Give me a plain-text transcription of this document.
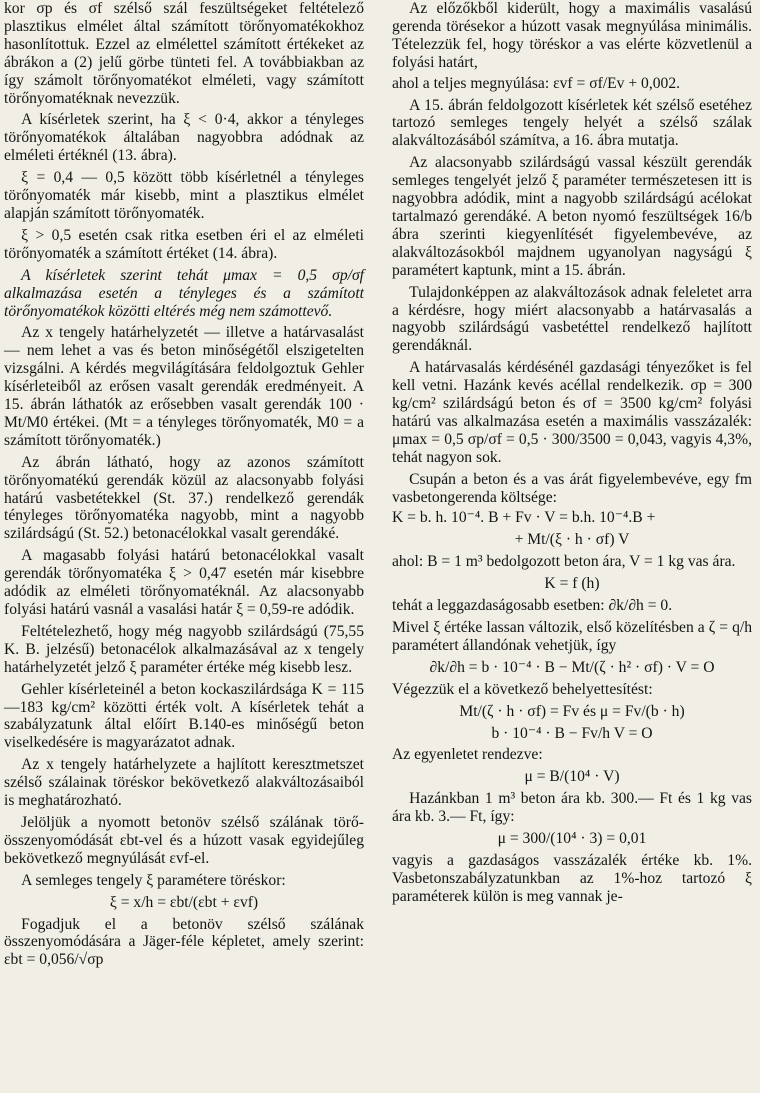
kor σp és σf szélső szál feszültségeket feltételező plasztikus elmélet által számított törőnyomatékokhoz hasonlítottuk. Ezzel az elmélettel számított értékeket az ábrákon a (2) jelű görbe tünteti fel. A továbbiakban az így számolt törőnyomatékot elméleti, vagy számított törőnyomatéknak nevezzük.

A kísérletek szerint, ha ξ < 0·4, akkor a tényleges törőnyomatékok általában nagyobbra adódnak az elméleti értéknél (13. ábra).

ξ = 0,4 — 0,5 között több kísérletnél a tényleges törőnyomaték már kisebb, mint a plasztikus elmélet alapján számított törőnyomaték.

ξ > 0,5 esetén csak ritka esetben éri el az elméleti törőnyomaték a számított értéket (14. ábra).

A kísérletek szerint tehát μmax = 0,5 σp/σf alkalmazása esetén a tényleges és a számított törőnyomatékok közötti eltérés még nem számottevő.

Az x tengely határhelyzetét — illetve a határvasalást — nem lehet a vas és beton minőségétől elszigetelten vizsgálni. A kérdés megvilágítására feldolgoztuk Gehler kísérleteiből az erősen vasalt gerendák eredményeit. A 15. ábrán láthatók az erősebben vasalt gerendák 100 · Mt/M0 értékei. (Mt = a tényleges törőnyomaték, M0 = a számított törőnyomaték.)

Az ábrán látható, hogy az azonos számított törőnyomatékú gerendák közül az alacsonyabb folyási határú vasbetétekkel (St. 37.) rendelkező gerendák tényleges törőnyomatéka nagyobb, mint a nagyobb szilárdságú (St. 52.) betonacélokkal vasalt gerendáké.

A magasabb folyási határú betonacélokkal vasalt gerendák törőnyomatéka ξ > 0,47 esetén már kisebbre adódik az elméleti törőnyomatéknál. Az alacsonyabb folyási határú vasnál a vasalási határ ξ = 0,59-re adódik.

Feltételezhető, hogy még nagyobb szilárdságú (75,55 K. B. jelzésű) betonacélok alkalmazásával az x tengely határhelyzetét jelző ξ paraméter értéke még kisebb lesz.

Gehler kísérleteinél a beton kockaszilárdsága K = 115—183 kg/cm² közötti érték volt. A kísérletek tehát a szabályzatunk által előírt B.140-es minőségű beton viselkedésére is magyarázatot adnak.

Az x tengely határhelyzete a hajlított keresztmetszet szélső szálainak töréskor bekövetkező alakváltozásaiból is meghatározható.

Jelöljük a nyomott betonöv szélső szálának törő-összenyomódását εbt-vel és a húzott vasak egyidejűleg bekövetkező megnyúlását εvf-el.

A semleges tengely ξ paramétere töréskor:

ξ = x/h = εbt/(εbt + εvf)

Fogadjuk el a betonöv szélső szálának összenyomódására a Jäger-féle képletet, amely szerint: εbt = 0,056/√σp

Az előzőkből kiderült, hogy a maximális vasalású gerenda törésekor a húzott vasak megnyúlása minimális. Tételezzük fel, hogy töréskor a vas elérte közvetlenül a folyási határt,

ahol a teljes megnyúlása: εvf = σf/Ev + 0,002.

A 15. ábrán feldolgozott kísérletek két szélső esetéhez tartozó semleges tengely helyét a szélső szálak alakváltozásából számítva, a 16. ábra mutatja.

Az alacsonyabb szilárdságú vassal készült gerendák semleges tengelyét jelző ξ paraméter természetesen itt is nagyobbra adódik, mint a nagyobb szilárdságú acélokat tartalmazó gerendáké. A beton nyomó feszültségek 16/b ábra szerinti kiegyenlítését figyelembevéve, az alakváltozásokból majdnem ugyanolyan nagyságú ξ paramétert kaptunk, mint a 15. ábrán.

Tulajdonképpen az alakváltozások adnak feleletet arra a kérdésre, hogy miért alacsonyabb a határvasalás a nagyobb szilárdságú vasbetéttel rendelkező hajlított gerendáknál.

A határvasalás kérdésénél gazdasági tényezőket is fel kell vetni. Hazánk kevés acéllal rendelkezik. σp = 300 kg/cm² szilárdságú beton és σf = 3500 kg/cm² folyási határú vas alkalmazása esetén a maximális vasszázalék: μmax = 0,5 σp/σf = 0,5 · 300/3500 = 0,043, vagyis 4,3%, tehát nagyon sok.

Csupán a beton és a vas árát figyelembevéve, egy fm vasbetongerenda költsége:

K = b. h. 10⁻⁴. B + Fv · V = b.h. 10⁻⁴.B +

+ Mt/(ξ · h · σf) V

ahol: B = 1 m³ bedolgozott beton ára, V = 1 kg vas ára.

K = f (h)

tehát a leggazdaságosabb esetben: ∂k/∂h = 0.

Mivel ξ értéke lassan változik, első közelítésben a ζ = q/h paramétert állandónak vehetjük, így

∂k/∂h = b · 10⁻⁴ · B − Mt/(ζ · h² · σf) · V = O

Végezzük el a következő behelyettesítést:

Mt/(ζ · h · σf) = Fv és μ = Fv/(b · h)

b · 10⁻⁴ · B − Fv/h V = O

Az egyenletet rendezve:

μ = B/(10⁴ · V)

Hazánkban 1 m³ beton ára kb. 300.— Ft és 1 kg vas ára kb. 3.— Ft, így:

μ = 300/(10⁴ · 3) = 0,01

vagyis a gazdaságos vasszázalék értéke kb. 1%. Vasbetonszabályzatunkban az 1%-hoz tartozó ξ paraméterek külön is meg vannak je-
